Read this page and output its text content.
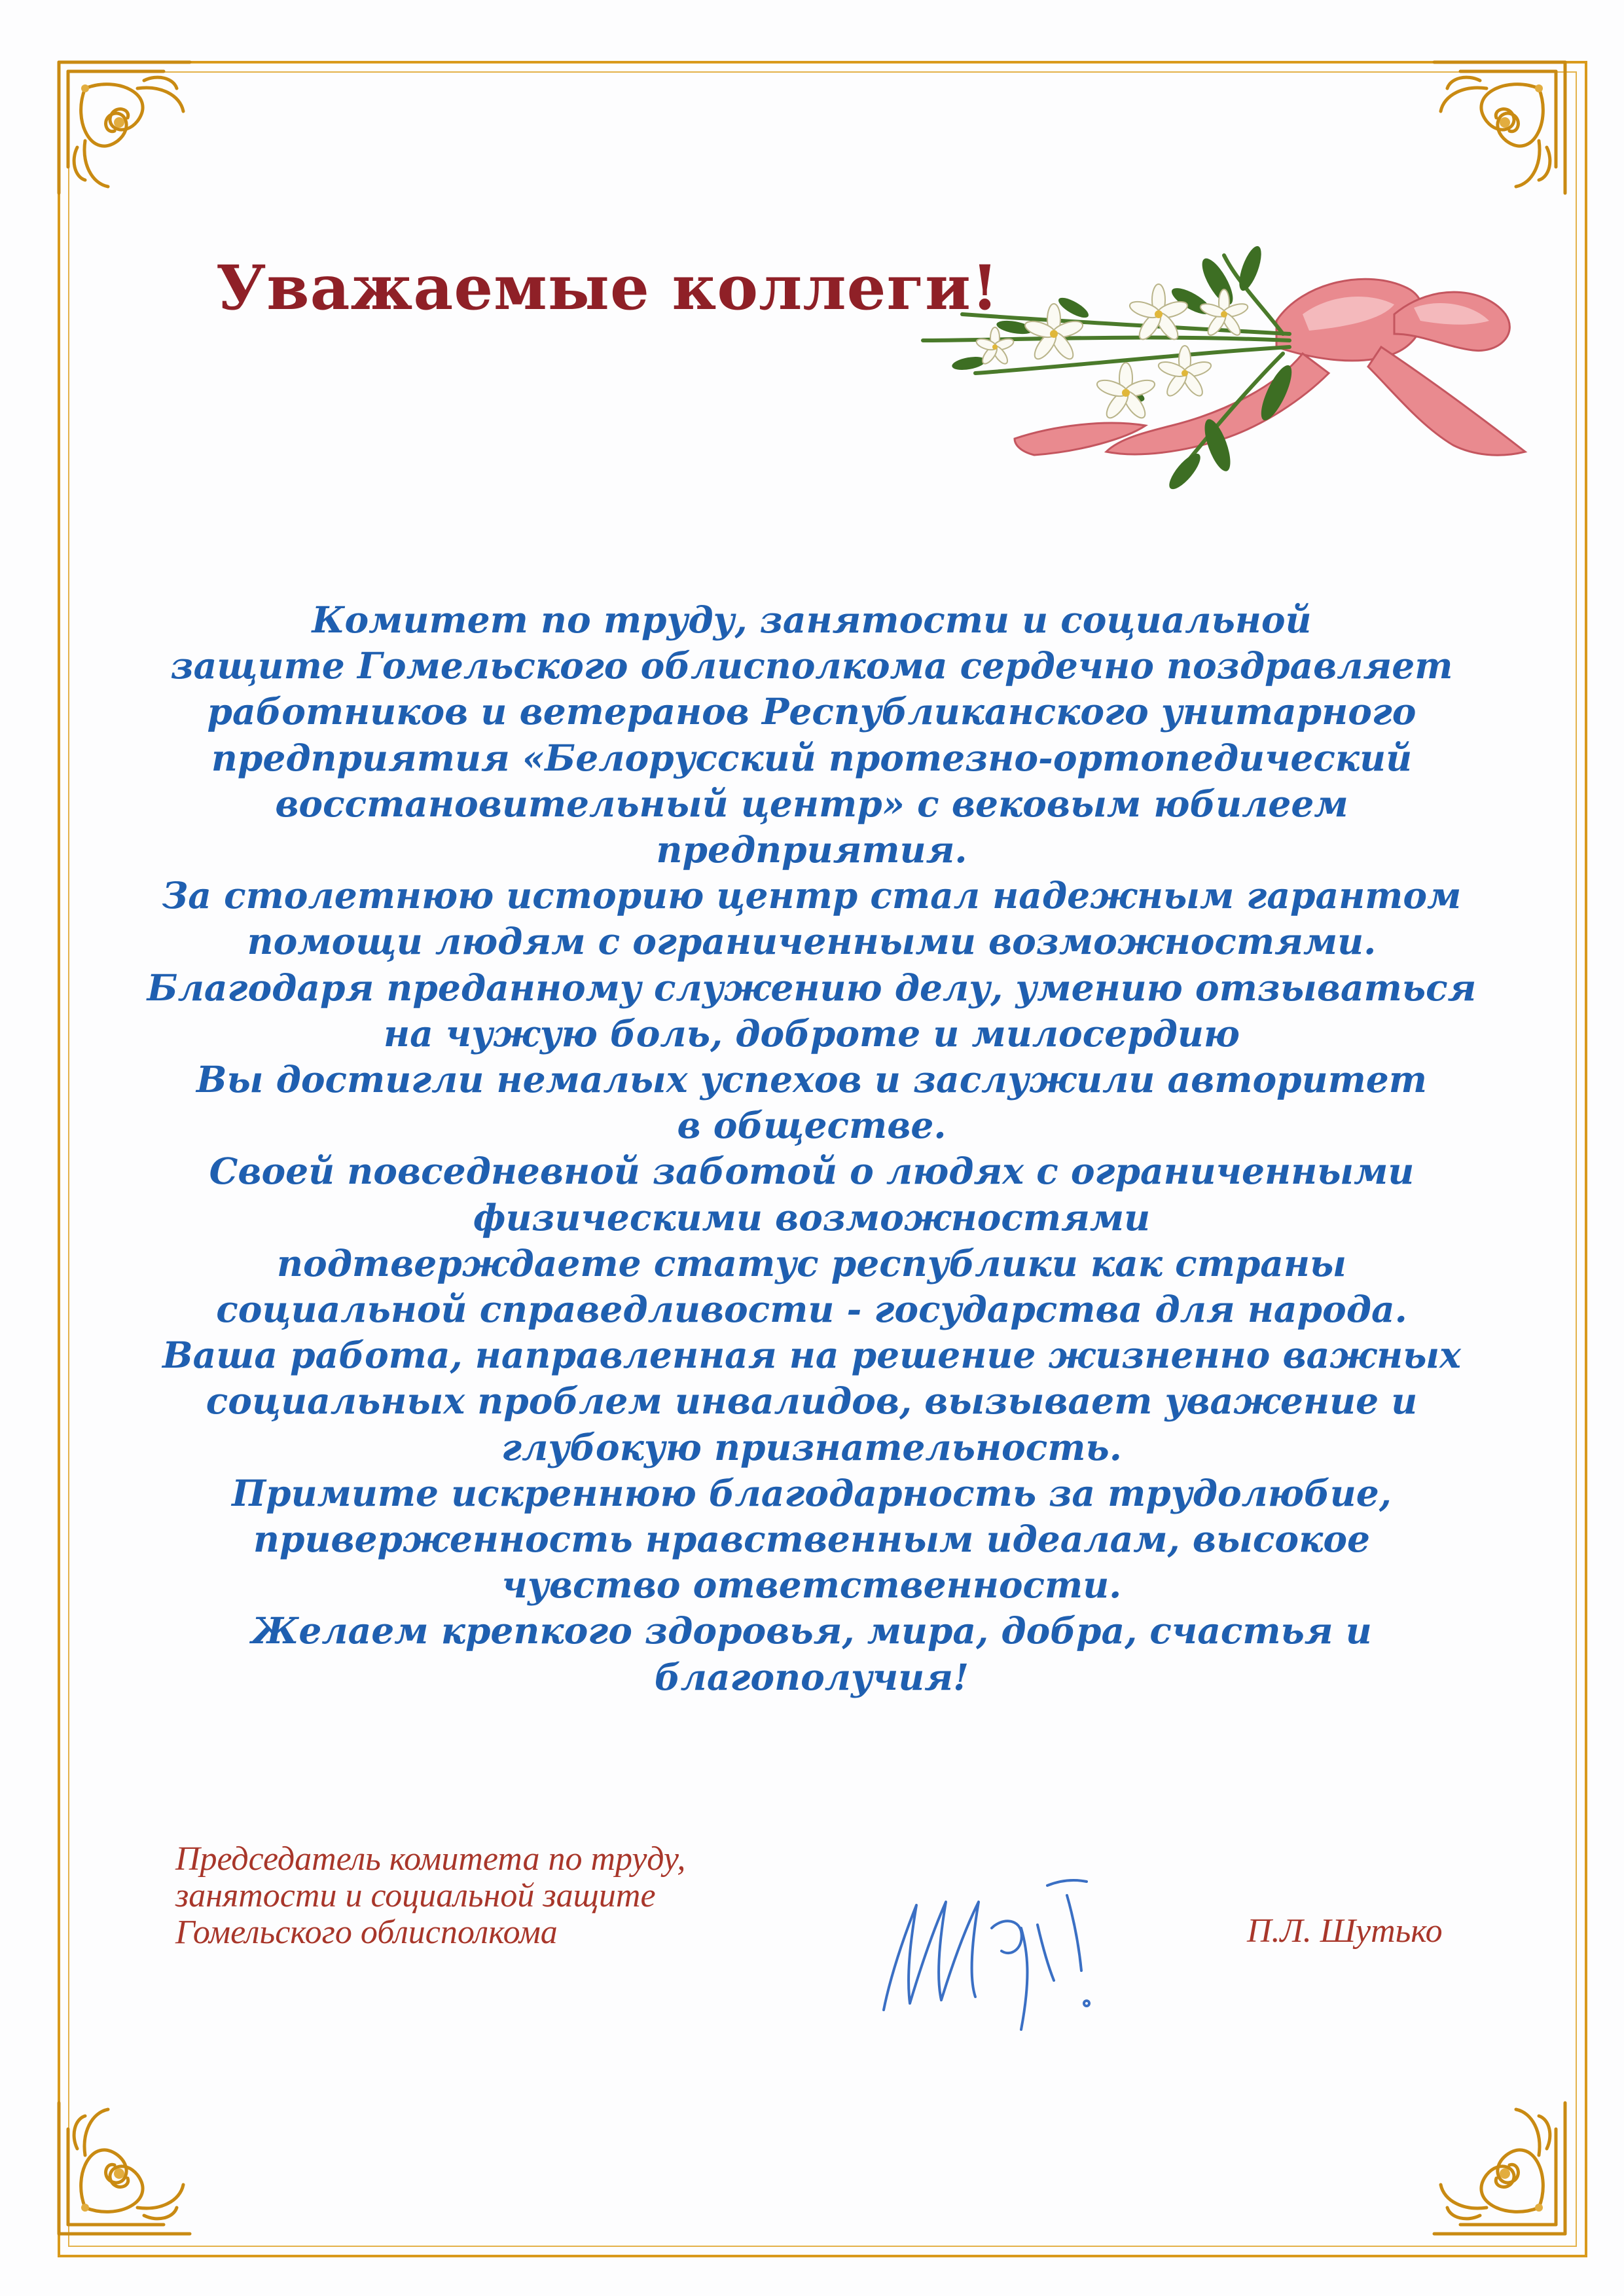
Уважаемые коллеги!
Комитет по труду, занятости и социальной
защите Гомельского облисполкома сердечно поздравляет
работников и ветеранов Республиканского унитарного
предприятия «Белорусский протезно-ортопедический
восстановительный центр» с вековым юбилеем
предприятия.
За столетнюю историю центр стал надежным гарантом
помощи людям с ограниченными возможностями.
Благодаря преданному служению делу, умению отзываться
на чужую боль, доброте и милосердию
Вы достигли немалых успехов и заслужили авторитет
в обществе.
Своей повседневной заботой о людях с ограниченными
физическими возможностями
подтверждаете статус республики как страны
социальной справедливости - государства для народа.
Ваша работа, направленная на решение жизненно важных
социальных проблем инвалидов, вызывает уважение и
глубокую признательность.
Примите искреннюю благодарность за трудолюбие,
приверженность нравственным идеалам, высокое
чувство ответственности.
Желаем крепкого здоровья, мира, добра, счастья и
благополучия!
Председатель комитета по труду,
занятости и социальной защите
Гомельского облисполкома	П.Л. Шутько
